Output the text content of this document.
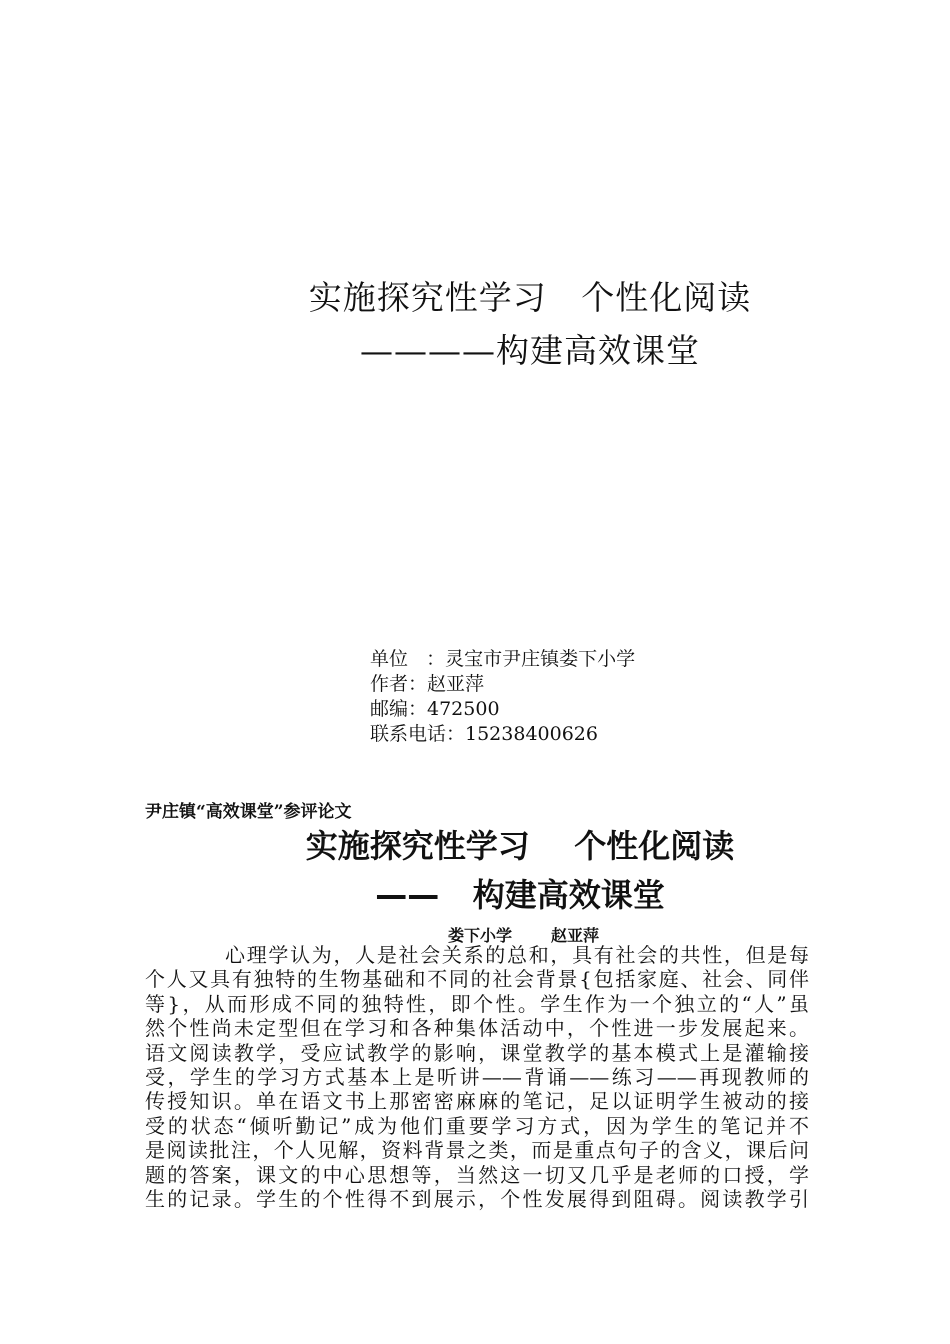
实施探究性学习   个性化阅读
————构建高效课堂
单位   ：灵宝市尹庄镇娄下小学
作者：赵亚萍
邮编：472500
联系电话：15238400626
尹庄镇“高效课堂”参评论文
实施探究性学习    个性化阅读
——   构建高效课堂
娄下小学       赵亚萍
心理学认为，人是社会关系的总和，具有社会的共性，但是每
个人又具有独特的生物基础和不同的社会背景{包括家庭、社会、同伴
等}，从而形成不同的独特性，即个性。学生作为一个独立的“人”虽
然个性尚未定型但在学习和各种集体活动中，个性进一步发展起来。
语文阅读教学，受应试教学的影响，课堂教学的基本模式上是灌输接
受，学生的学习方式基本上是听讲——背诵——练习——再现教师的
传授知识。单在语文书上那密密麻麻的笔记，足以证明学生被动的接
受的状态“倾听勤记”成为他们重要学习方式，因为学生的笔记并不
是阅读批注，个人见解，资料背景之类，而是重点句子的含义，课后问
题的答案，课文的中心思想等，当然这一切又几乎是老师的口授，学
生的记录。学生的个性得不到展示，个性发展得到阻碍。阅读教学引
